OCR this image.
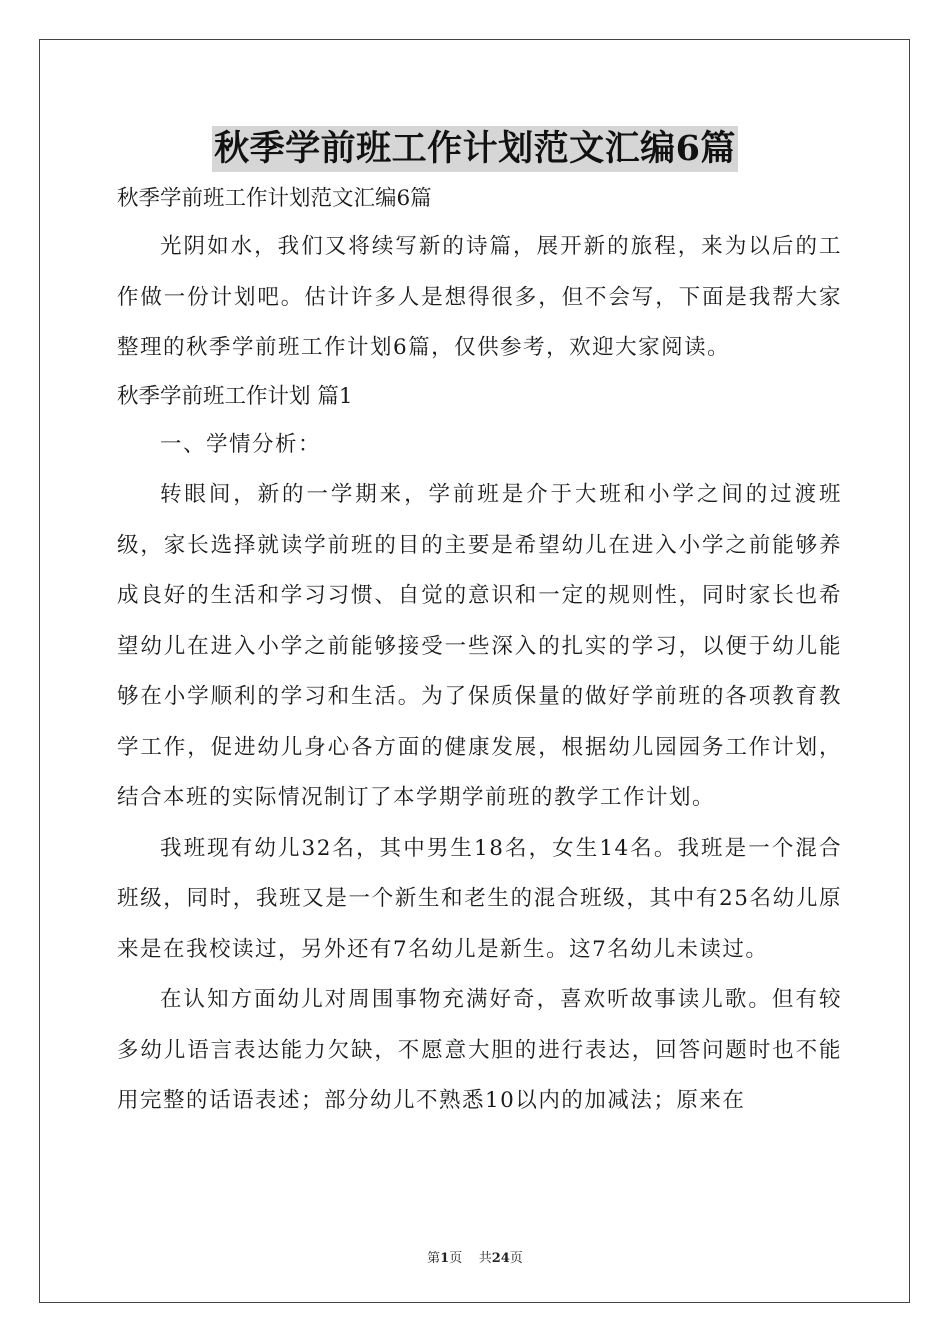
秋季学前班工作计划范文汇编6篇

秋季学前班工作计划范文汇编6篇

光阴如水，我们又将续写新的诗篇，展开新的旅程，来为以后的工作做一份计划吧。估计许多人是想得很多，但不会写，下面是我帮大家整理的秋季学前班工作计划6篇，仅供参考，欢迎大家阅读。

秋季学前班工作计划 篇1

一、学情分析：

转眼间，新的一学期来，学前班是介于大班和小学之间的过渡班级，家长选择就读学前班的目的主要是希望幼儿在进入小学之前能够养成良好的生活和学习习惯、自觉的意识和一定的规则性，同时家长也希望幼儿在进入小学之前能够接受一些深入的扎实的学习，以便于幼儿能够在小学顺利的学习和生活。为了保质保量的做好学前班的各项教育教学工作，促进幼儿身心各方面的健康发展，根据幼儿园园务工作计划，结合本班的实际情况制订了本学期学前班的教学工作计划。

我班现有幼儿32名，其中男生18名，女生14名。我班是一个混合班级，同时，我班又是一个新生和老生的混合班级，其中有25名幼儿原来是在我校读过，另外还有7名幼儿是新生。这7名幼儿未读过。

在认知方面幼儿对周围事物充满好奇，喜欢听故事读儿歌。但有较多幼儿语言表达能力欠缺，不愿意大胆的进行表达，回答问题时也不能用完整的话语表述；部分幼儿不熟悉10以内的加减法；原来在

第1页    共24页
